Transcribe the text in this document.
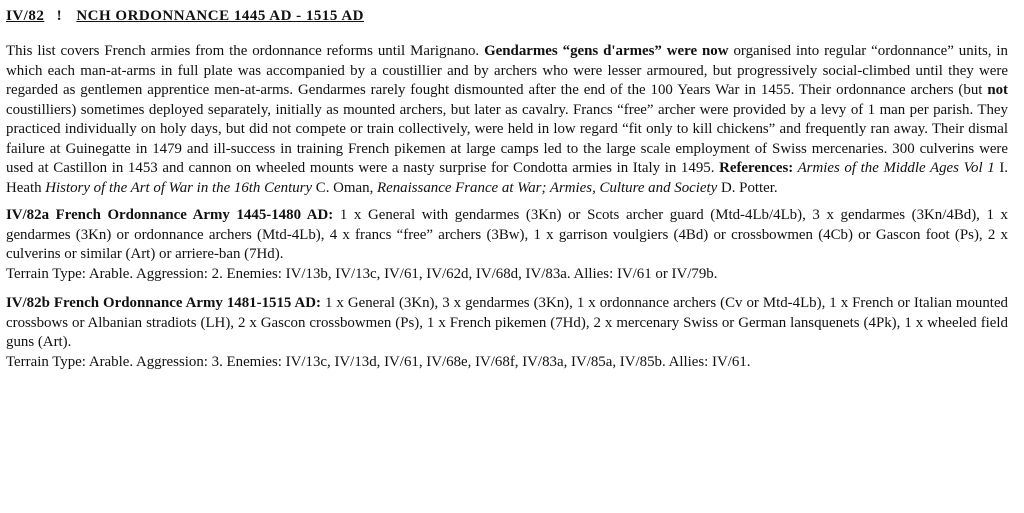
IV/82 ! NCH ORDONNANCE 1445 AD - 1515 AD

This list covers French armies from the ordonnance reforms until Marignano. Gendarmes “gens d'armes” were now organised into regular “ordonnance” units, in which each man-at-arms in full plate was accompanied by a coustillier and by archers who were lesser armoured, but progressively social-climbed until they were regarded as gentlemen apprentice men-at-arms. Gendarmes rarely fought dismounted after the end of the 100 Years War in 1455. Their ordonnance archers (but not coustilliers) sometimes deployed separately, initially as mounted archers, but later as cavalry. Francs “free” archer were provided by a levy of 1 man per parish. They practiced individually on holy days, but did not compete or train collectively, were held in low regard “fit only to kill chickens” and frequently ran away. Their dismal failure at Guinegatte in 1479 and ill-success in training French pikemen at large camps led to the large scale employment of Swiss mercenaries. 300 culverins were used at Castillon in 1453 and cannon on wheeled mounts were a nasty surprise for Condotta armies in Italy in 1495. References: Armies of the Middle Ages Vol 1 I. Heath History of the Art of War in the 16th Century C. Oman, Renaissance France at War; Armies, Culture and Society D. Potter.

IV/82a French Ordonnance Army 1445-1480 AD: 1 x General with gendarmes (3Kn) or Scots archer guard (Mtd-4Lb/4Lb), 3 x gendarmes (3Kn/4Bd), 1 x gendarmes (3Kn) or ordonnance archers (Mtd-4Lb), 4 x francs “free” archers (3Bw), 1 x garrison voulgiers (4Bd) or crossbowmen (4Cb) or Gascon foot (Ps), 2 x culverins or similar (Art) or arriere-ban (7Hd).

Terrain Type: Arable. Aggression: 2. Enemies: IV/13b, IV/13c, IV/61, IV/62d, IV/68d, IV/83a. Allies: IV/61 or IV/79b.

IV/82b French Ordonnance Army 1481-1515 AD: 1 x General (3Kn), 3 x gendarmes (3Kn), 1 x ordonnance archers (Cv or Mtd-4Lb), 1 x French or Italian mounted crossbows or Albanian stradiots (LH), 2 x Gascon crossbowmen (Ps), 1 x French pikemen (7Hd), 2 x mercenary Swiss or German lansquenets (4Pk), 1 x wheeled field guns (Art).

Terrain Type: Arable. Aggression: 3. Enemies: IV/13c, IV/13d, IV/61, IV/68e, IV/68f, IV/83a, IV/85a, IV/85b. Allies: IV/61.
